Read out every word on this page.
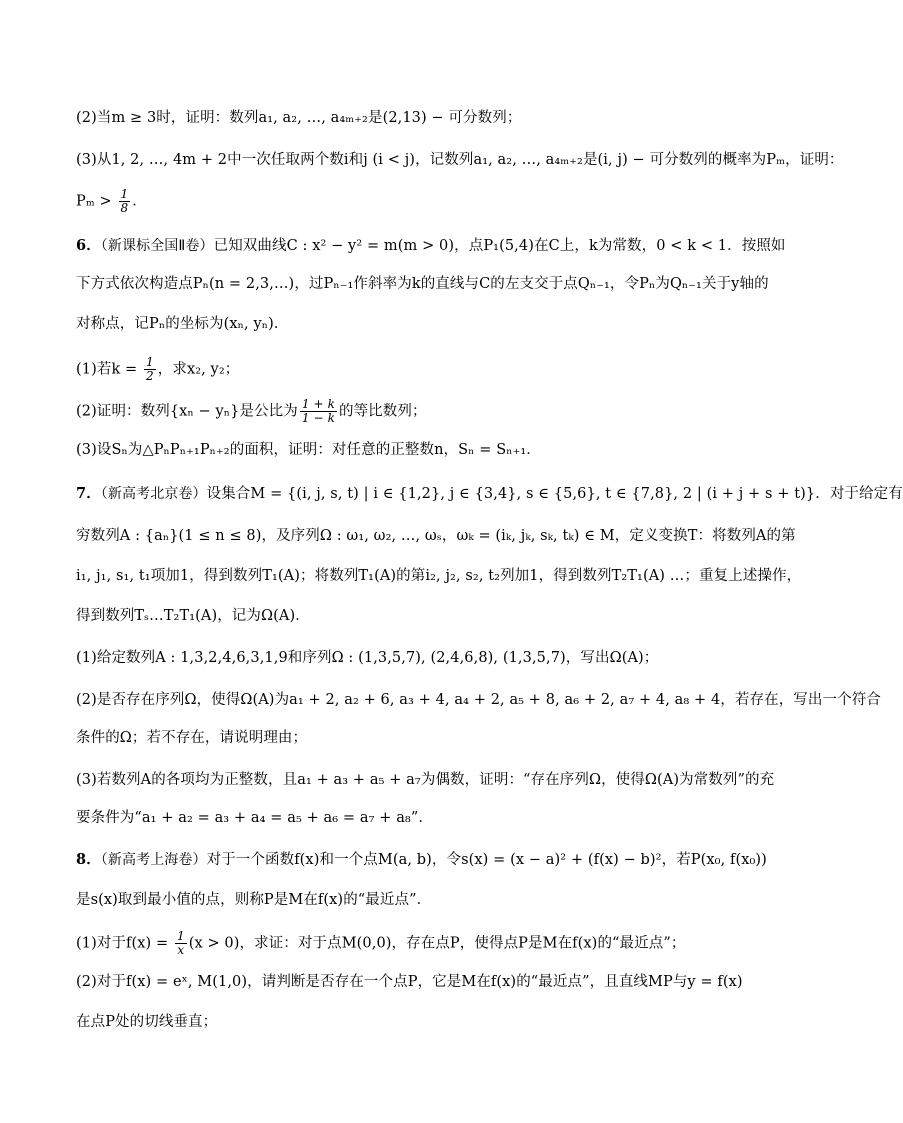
(2)当m ≥ 3时，证明：数列a₁, a₂, …, a₄ₘ₊₂是(2,13) − 可分数列；
(3)从1, 2, …, 4m + 2中一次任取两个数i和j (i < j)，记数列a₁, a₂, …, a₄ₘ₊₂是(i, j) − 可分数列的概率为Pₘ，证明：
$P_m > \frac{1}{8}$ ．
6．（新课标全国Ⅱ卷）已知双曲线C : x² − y² = m(m > 0)，点P₁(5,4)在C上，k为常数，0 < k < 1．按照如
下方式依次构造点Pₙ(n = 2,3,…)，过Pₙ₋₁作斜率为k的直线与C的左支交于点Qₙ₋₁，令Pₙ为Qₙ₋₁关于y轴的
对称点，记Pₙ的坐标为(xₙ, yₙ)．
(1)若$k = \frac{1}{2}$ ，求x₂, y₂；
(2)证明：数列{xₙ − yₙ}是公比为 $\frac{1 + k}{1 - k}$ 的等比数列；
(3)设Sₙ为△PₙPₙ₊₁Pₙ₊₂的面积，证明：对任意的正整数n，Sₙ = Sₙ₊₁．
7．（新高考北京卷）设集合M = {(i, j, s, t) | i ∈ {1,2}, j ∈ {3,4}, s ∈ {5,6}, t ∈ {7,8}, 2 | (i + j + s + t)}．对于给定有
穷数列A : {aₙ}(1 ≤ n ≤ 8)，及序列Ω : ω₁, ω₂, …, ωₛ，ωₖ = (iₖ, jₖ, sₖ, tₖ) ∈ M，定义变换T：将数列A的第
i₁, j₁, s₁, t₁项加1，得到数列T₁(A)；将数列T₁(A)的第i₂, j₂, s₂, t₂列加1，得到数列T₂T₁(A) …；重复上述操作，
得到数列Tₛ…T₂T₁(A)，记为Ω(A)．
(1)给定数列A : 1,3,2,4,6,3,1,9和序列Ω : (1,3,5,7), (2,4,6,8), (1,3,5,7)，写出Ω(A)；
(2)是否存在序列Ω，使得Ω(A)为a₁ + 2, a₂ + 6, a₃ + 4, a₄ + 2, a₅ + 8, a₆ + 2, a₇ + 4, a₈ + 4，若存在，写出一个符合
条件的Ω；若不存在，请说明理由；
(3)若数列A的各项均为正整数，且a₁ + a₃ + a₅ + a₇为偶数，证明：“存在序列Ω，使得Ω(A)为常数列”的充
要条件为“a₁ + a₂ = a₃ + a₄ = a₅ + a₆ = a₇ + a₈”．
8．（新高考上海卷）对于一个函数f(x)和一个点M(a, b)，令s(x) = (x − a)² + (f(x) − b)²，若P(x₀, f(x₀))
是s(x)取到最小值的点，则称P是M在f(x)的“最近点”．
(1)对于$f(x) = \frac{1}{x} (x > 0)$，求证：对于点M(0,0)，存在点P，使得点P是M在f(x)的“最近点”；
(2)对于f(x) = eˣ, M(1,0)，请判断是否存在一个点P，它是M在f(x)的“最近点”，且直线MP与y = f(x)
在点P处的切线垂直；
